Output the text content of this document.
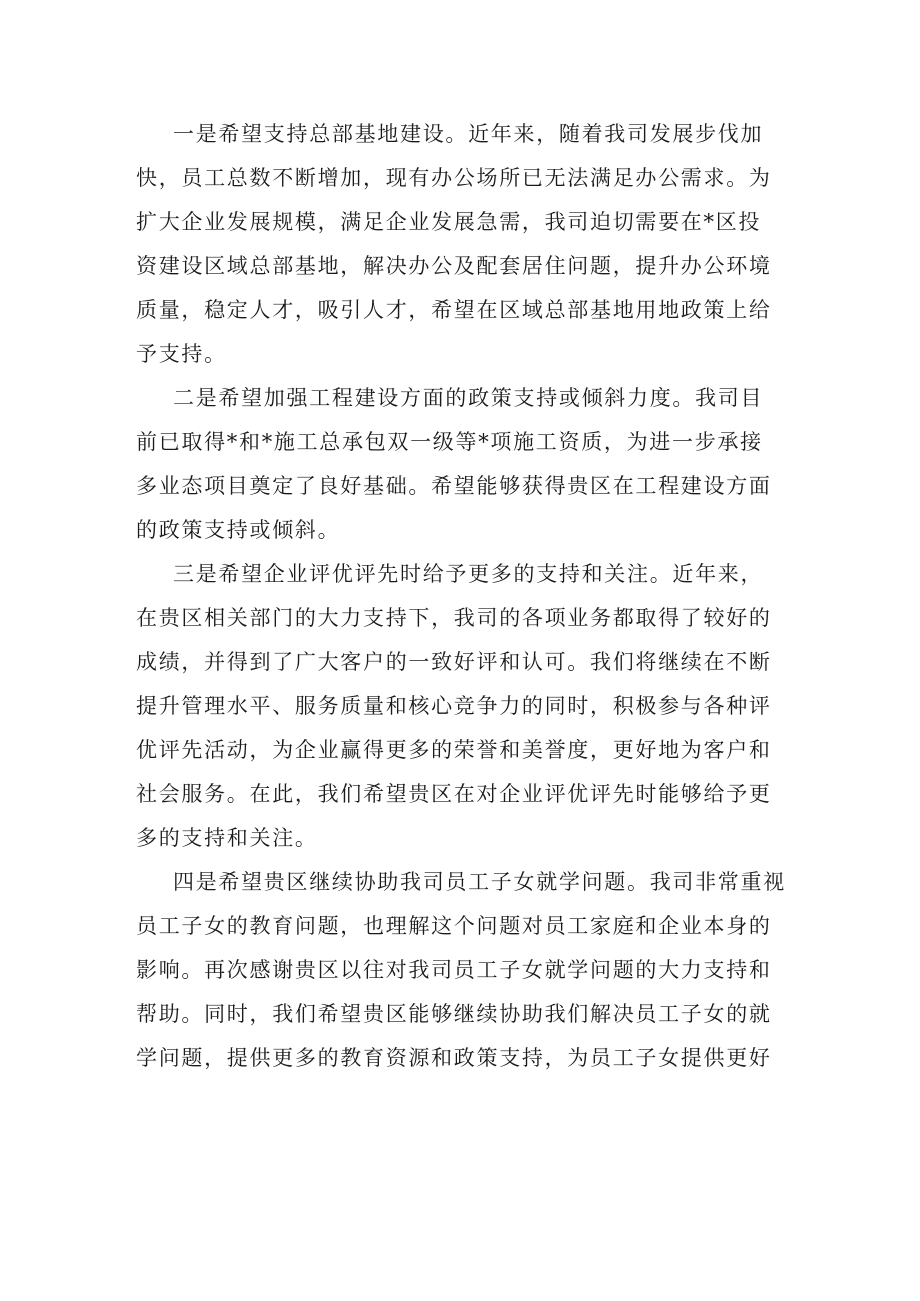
一是希望支持总部基地建设。近年来，随着我司发展步伐加
快，员工总数不断增加，现有办公场所已无法满足办公需求。为
扩大企业发展规模，满足企业发展急需，我司迫切需要在*区投
资建设区域总部基地，解决办公及配套居住问题，提升办公环境
质量，稳定人才，吸引人才，希望在区域总部基地用地政策上给
予支持。
二是希望加强工程建设方面的政策支持或倾斜力度。我司目
前已取得*和*施工总承包双一级等*项施工资质，为进一步承接
多业态项目奠定了良好基础。希望能够获得贵区在工程建设方面
的政策支持或倾斜。
三是希望企业评优评先时给予更多的支持和关注。近年来，
在贵区相关部门的大力支持下，我司的各项业务都取得了较好的
成绩，并得到了广大客户的一致好评和认可。我们将继续在不断
提升管理水平、服务质量和核心竞争力的同时，积极参与各种评
优评先活动，为企业赢得更多的荣誉和美誉度，更好地为客户和
社会服务。在此，我们希望贵区在对企业评优评先时能够给予更
多的支持和关注。
四是希望贵区继续协助我司员工子女就学问题。我司非常重视
员工子女的教育问题，也理解这个问题对员工家庭和企业本身的
影响。再次感谢贵区以往对我司员工子女就学问题的大力支持和
帮助。同时，我们希望贵区能够继续协助我们解决员工子女的就
学问题，提供更多的教育资源和政策支持，为员工子女提供更好
